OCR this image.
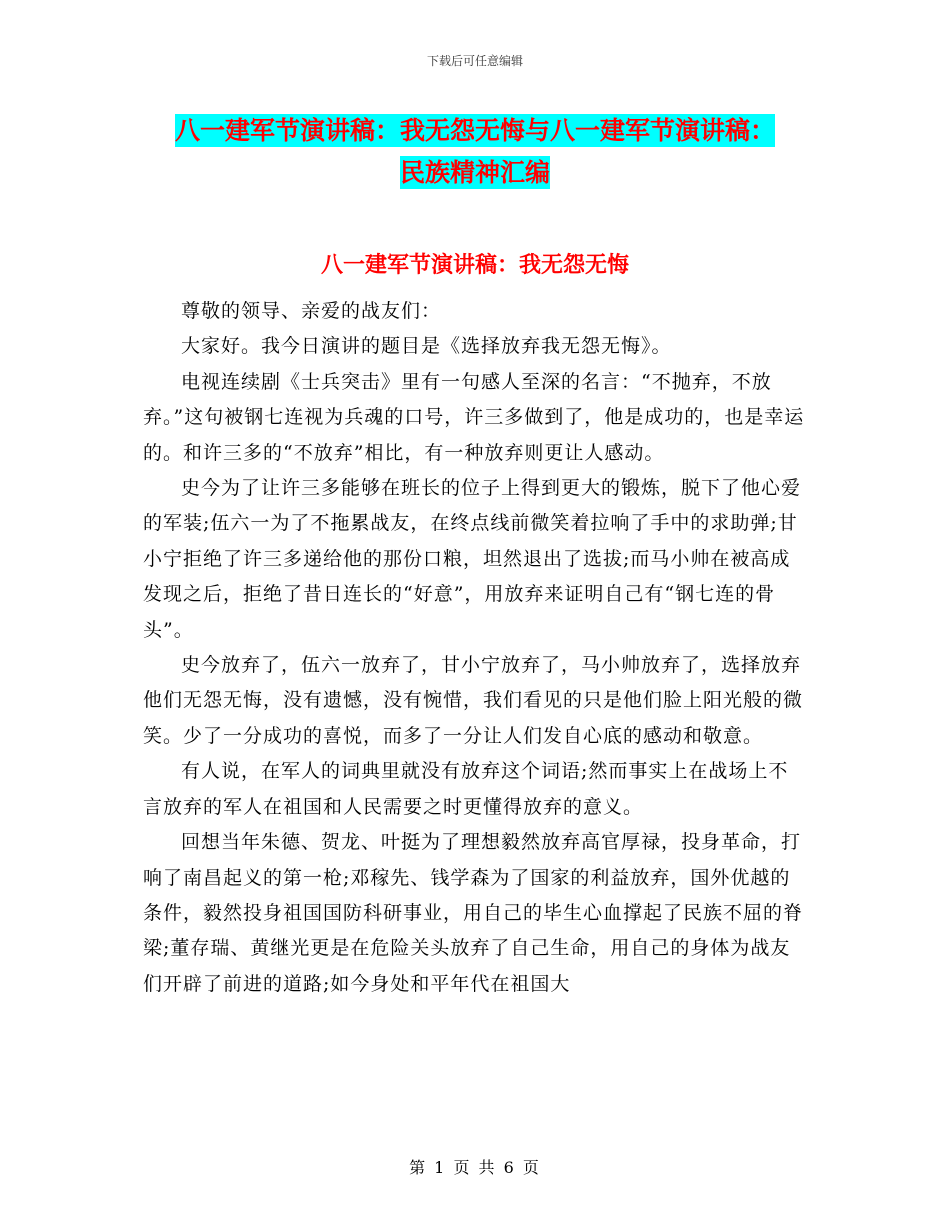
下载后可任意编辑
八一建军节演讲稿：我无怨无悔与八一建军节演讲稿：
民族精神汇编
八一建军节演讲稿：我无怨无悔

尊敬的领导、亲爱的战友们：

大家好。我今日演讲的题目是《选择放弃我无怨无悔》。

电视连续剧《士兵突击》里有一句感人至深的名言：“不抛弃，不放弃。”这句被钢七连视为兵魂的口号，许三多做到了，他是成功的，也是幸运的。和许三多的“不放弃”相比，有一种放弃则更让人感动。

史今为了让许三多能够在班长的位子上得到更大的锻炼，脱下了他心爱的军装;伍六一为了不拖累战友，在终点线前微笑着拉响了手中的求助弹;甘小宁拒绝了许三多递给他的那份口粮，坦然退出了选拔;而马小帅在被高成发现之后，拒绝了昔日连长的“好意”，用放弃来证明自己有“钢七连的骨头”。

史今放弃了，伍六一放弃了，甘小宁放弃了，马小帅放弃了，选择放弃他们无怨无悔，没有遗憾，没有惋惜，我们看见的只是他们脸上阳光般的微笑。少了一分成功的喜悦，而多了一分让人们发自心底的感动和敬意。

有人说，在军人的词典里就没有放弃这个词语;然而事实上在战场上不言放弃的军人在祖国和人民需要之时更懂得放弃的意义。

回想当年朱德、贺龙、叶挺为了理想毅然放弃高官厚禄，投身革命，打响了南昌起义的第一枪;邓稼先、钱学森为了国家的利益放弃，国外优越的条件，毅然投身祖国国防科研事业，用自己的毕生心血撑起了民族不屈的脊梁;董存瑞、黄继光更是在危险关头放弃了自己生命，用自己的身体为战友们开辟了前进的道路;如今身处和平年代在祖国大

第 1 页 共 6 页
